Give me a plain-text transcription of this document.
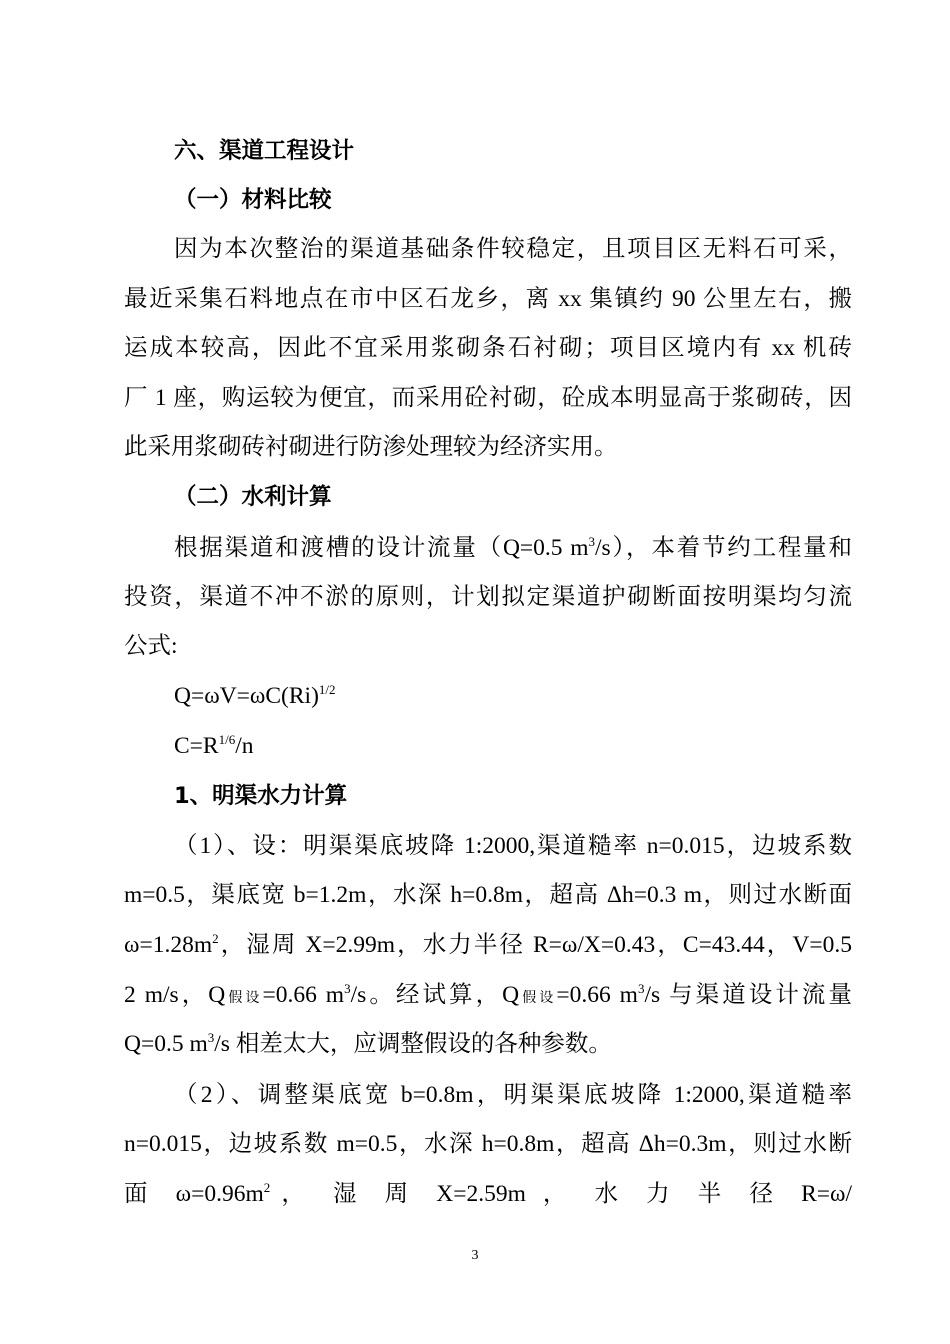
六、渠道工程设计
（一）材料比较
因为本次整治的渠道基础条件较稳定，且项目区无料石可采，
最近采集石料地点在市中区石龙乡，离 xx 集镇约 90 公里左右，搬
运成本较高，因此不宜采用浆砌条石衬砌；项目区境内有 xx 机砖
厂 1 座，购运较为便宜，而采用砼衬砌，砼成本明显高于浆砌砖，因
此采用浆砌砖衬砌进行防渗处理较为经济实用。
（二）水利计算
根据渠道和渡槽的设计流量（Q=0.5 $m^3/s$），本着节约工程量和
投资，渠道不冲不淤的原则，计划拟定渠道护砌断面按明渠均匀流
公式:
$Q=\omega V=\omega C(Ri)^{1/2}$
$C=R^{1/6}/n$
1、明渠水力计算
（1）、设：明渠渠底坡降 1:2000,渠道糙率 n=0.015，边坡系数
m=0.5，渠底宽 b=1.2m，水深 h=0.8m，超高 Δh=0.3 m，则过水断面
$\omega=1.28m^2$，湿周 X=2.99m，水力半径 R=ω/X=0.43，C=43.44，V=0.5
2 m/s，Q假设=0.66 $m^3/s$。经试算，Q假设=0.66 $m^3/s$ 与渠道设计流量
Q=0.5 $m^3/s$ 相差太大，应调整假设的各种参数。
（2）、调整渠底宽 b=0.8m，明渠渠底坡降 1:2000,渠道糙率
n=0.015，边坡系数 m=0.5，水深 h=0.8m，超高 Δh=0.3m，则过水断
面 $\omega=0.96m^2$， 湿 周 X=2.59m ， 水 力 半 径 R=ω/
3
